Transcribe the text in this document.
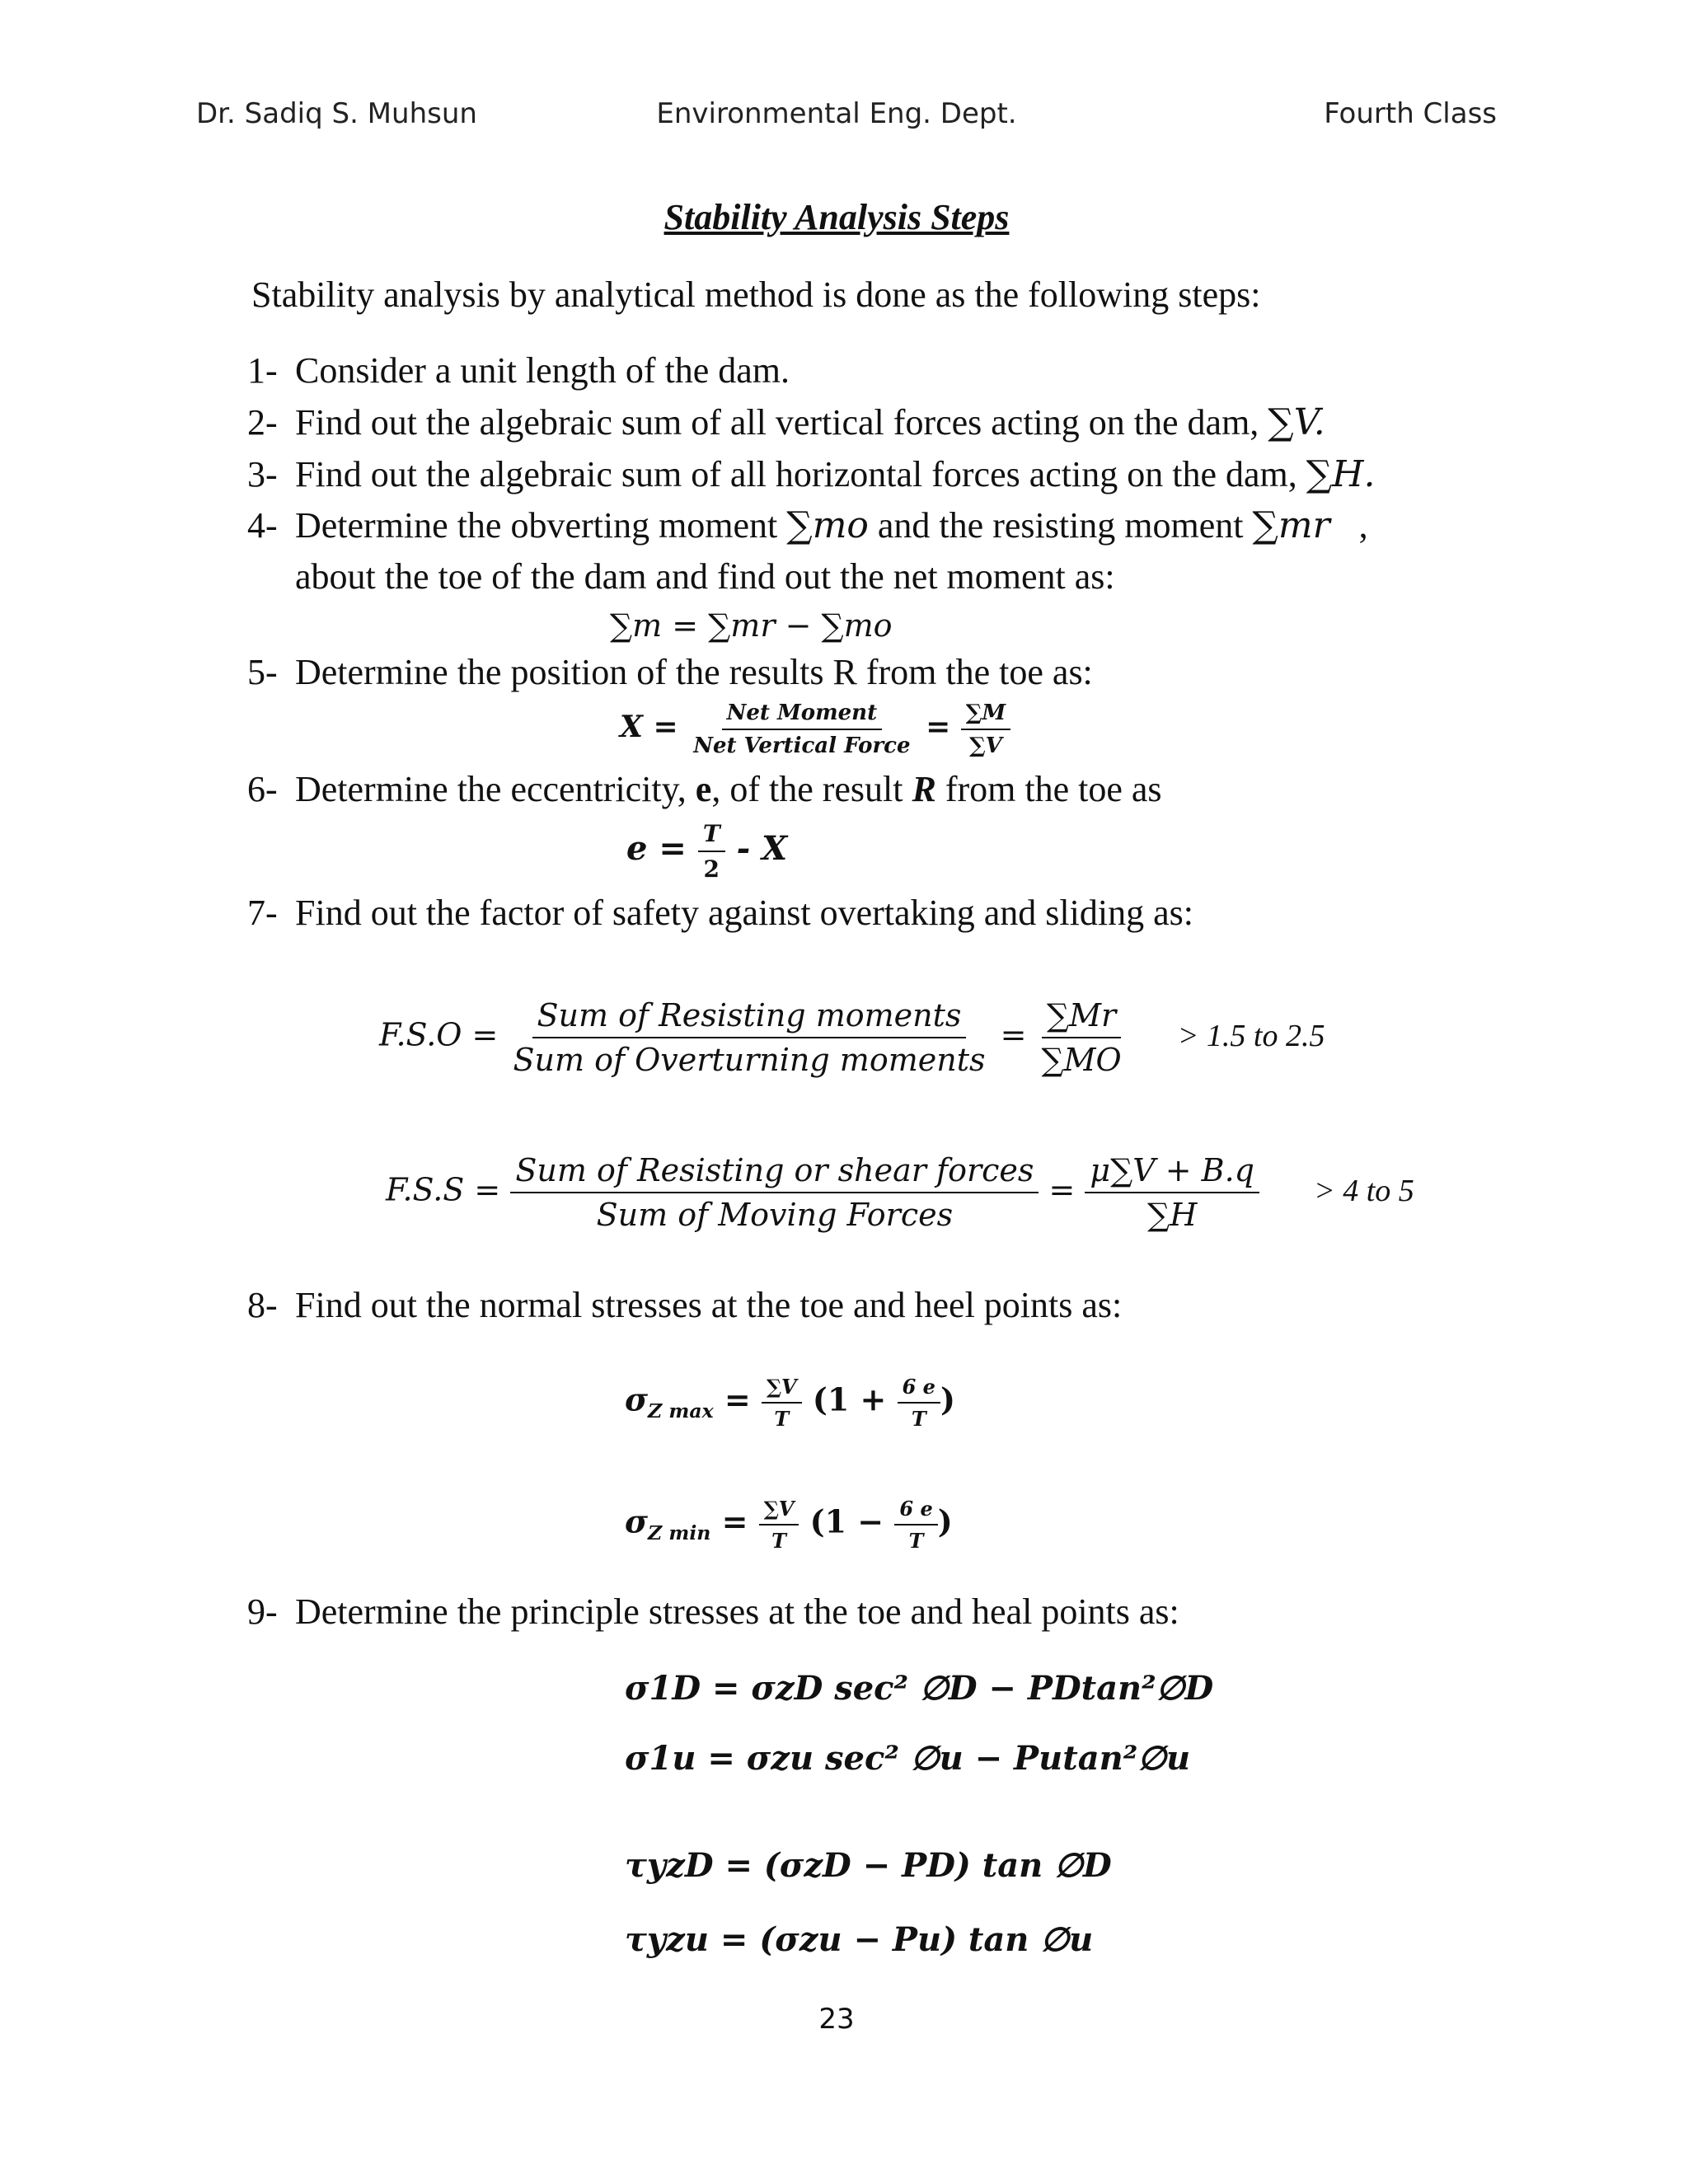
Dr. Sadiq S. Muhsun	Environmental Eng. Dept.	Fourth Class
Stability Analysis Steps
Stability analysis by analytical method is done as the following steps:
1- Consider a unit length of the dam.
2- Find out the algebraic sum of all vertical forces acting on the dam, ∑V.
3- Find out the algebraic sum of all horizontal forces acting on the dam, ∑H.
4- Determine the obverting moment ∑mo and the resisting moment ∑mr ,
about the toe of the dam and find out the net moment as:
∑m = ∑mr − ∑mo
5- Determine the position of the results R from the toe as:
$X = \frac{\text{Net Moment}}{\text{Net Vertical Force}} = \frac{\sum M}{\sum V}$
6- Determine the eccentricity, e, of the result R from the toe as
$e = \frac{T}{2} - X$
7- Find out the factor of safety against overtaking and sliding as:
$F.S.O = \frac{\text{Sum of Resisting moments}}{\text{Sum of Overturning moments}} = \frac{\sum Mr}{\sum MO} > 1.5$ to 2.5
$F.S.S = \frac{\text{Sum of Resisting or shear forces}}{\text{Sum of Moving Forces}} = \frac{\mu\sum V + B.q}{\sum H} > 4$ to 5
8- Find out the normal stresses at the toe and heel points as:
$\sigma_{Z max} = \frac{\sum V}{T} (1 + \frac{6 e}{T}$ )
$\sigma_{Z min} = \frac{\sum V}{T} (1 - \frac{6 e}{T}$ )
9- Determine the principle stresses at the toe and heal points as:
σ1D = σzD sec² ∅D − PDtan²∅D
σ1u = σzu sec² ∅u − Putan²∅u
τyzD = (σzD − PD) tan ∅D
τyzu = (σzu − Pu) tan ∅u
23
